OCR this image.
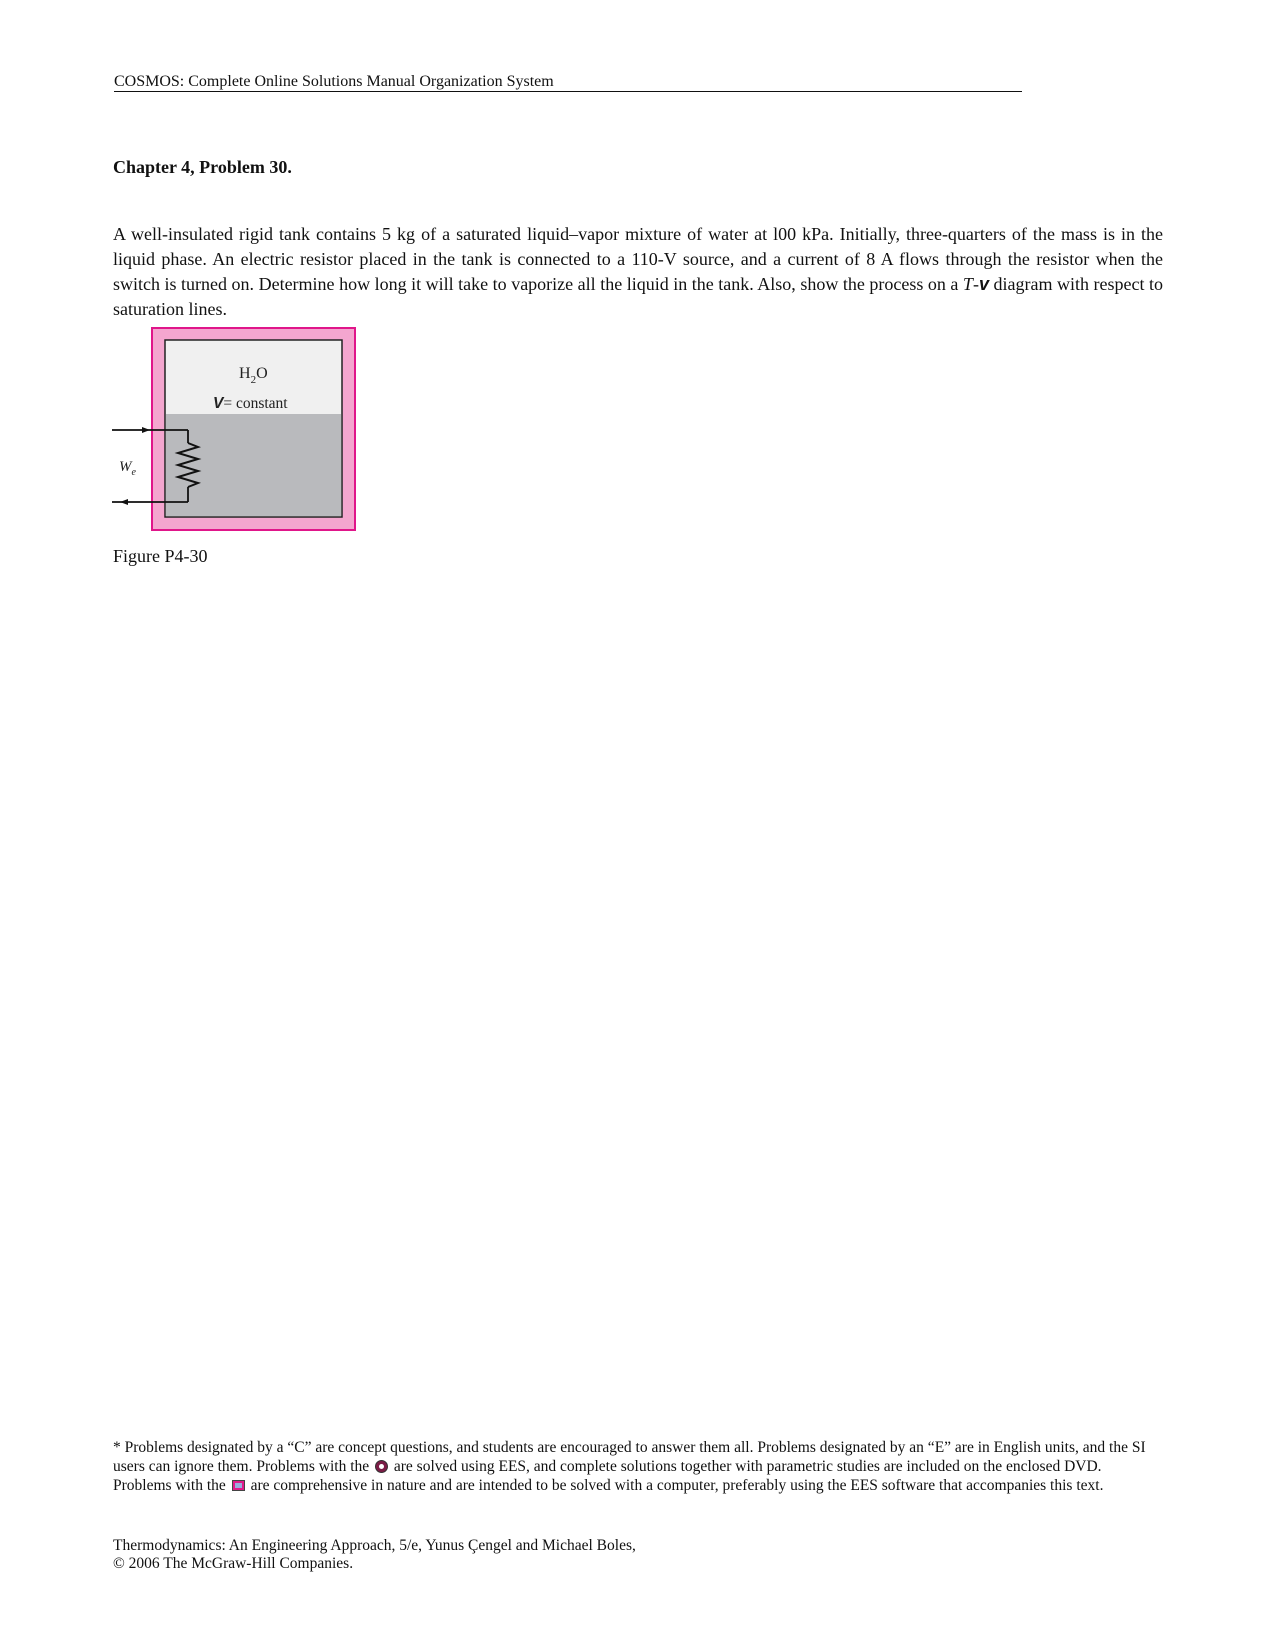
COSMOS: Complete Online Solutions Manual Organization System
Chapter 4, Problem 30.
A well-insulated rigid tank contains 5 kg of a saturated liquid–vapor mixture of water at l00 kPa. Initially, three-quarters of the mass is in the liquid phase. An electric resistor placed in the tank is connected to a 110-V source, and a current of 8 A flows through the resistor when the switch is turned on. Determine how long it will take to vaporize all the liquid in the tank. Also, show the process on a T-v diagram with respect to saturation lines.
$H_2O$
V= constant
$W_e$
Figure P4-30
* Problems designated by a “C” are concept questions, and students are encouraged to answer them all. Problems designated by an “E” are in English units, and the SI users can ignore them. Problems with the  are solved using EES, and complete solutions together with parametric studies are included on the enclosed DVD. Problems with the  are comprehensive in nature and are intended to be solved with a computer, preferably using the EES software that accompanies this text.
Thermodynamics: An Engineering Approach, 5/e, Yunus Çengel and Michael Boles,
© 2006 The McGraw-Hill Companies.
